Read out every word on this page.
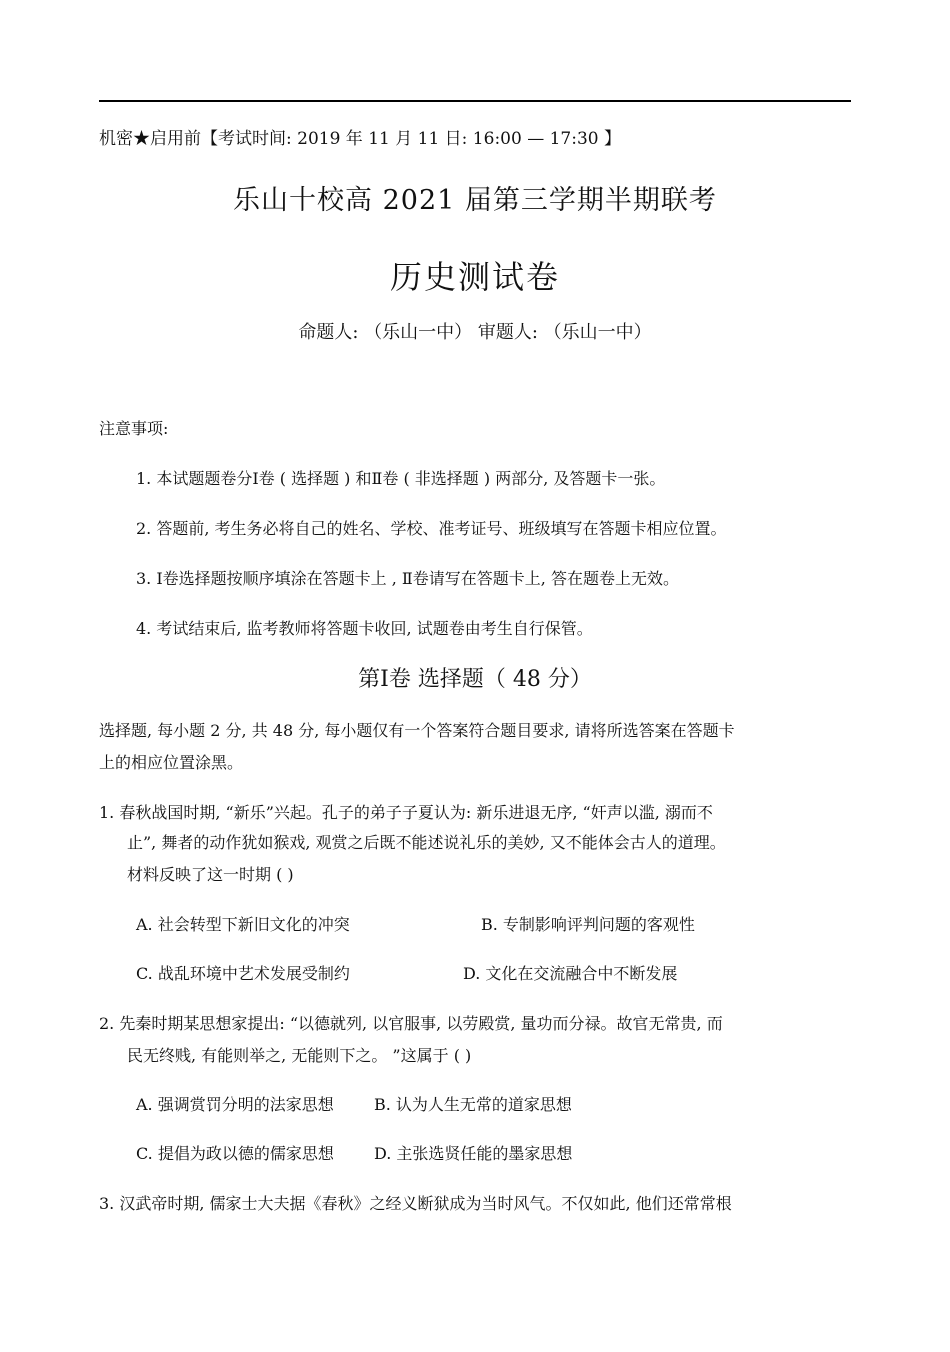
机密★启用前【考试时间: 2019 年 11 月 11 日: 16:00 — 17:30 】
乐山十校高 2021 届第三学期半期联考
历史测试卷
命题人: （乐山一中） 审题人: （乐山一中）
注意事项:
1. 本试题题卷分Ⅰ卷 ( 选择题 ) 和Ⅱ卷 ( 非选择题 ) 两部分, 及答题卡一张。
2. 答题前, 考生务必将自己的姓名、学校、准考证号、班级填写在答题卡相应位置。
3. Ⅰ卷选择题按顺序填涂在答题卡上 , Ⅱ卷请写在答题卡上, 答在题卷上无效。
4. 考试结束后, 监考教师将答题卡收回, 试题卷由考生自行保管。
第Ⅰ卷 选择题（ 48 分）
选择题, 每小题 2 分, 共 48 分, 每小题仅有一个答案符合题目要求, 请将所选答案在答题卡
上的相应位置涂黑。
1. 春秋战国时期, “新乐”兴起。孔子的弟子子夏认为: 新乐进退无序, “奸声以滥, 溺而不
止”, 舞者的动作犹如猴戏, 观赏之后既不能述说礼乐的美妙, 又不能体会古人的道理。
材料反映了这一时期 ( )
A. 社会转型下新旧文化的冲突	B. 专制影响评判问题的客观性
C. 战乱环境中艺术发展受制约	D. 文化在交流融合中不断发展
2. 先秦时期某思想家提出: “以德就列, 以官服事, 以劳殿赏, 量功而分禄。故官无常贵, 而
民无终贱, 有能则举之, 无能则下之。 ”这属于 ( )
A. 强调赏罚分明的法家思想	B. 认为人生无常的道家思想
C. 提倡为政以德的儒家思想	D. 主张选贤任能的墨家思想
3. 汉武帝时期, 儒家士大夫据《春秋》之经义断狱成为当时风气。不仅如此, 他们还常常根
